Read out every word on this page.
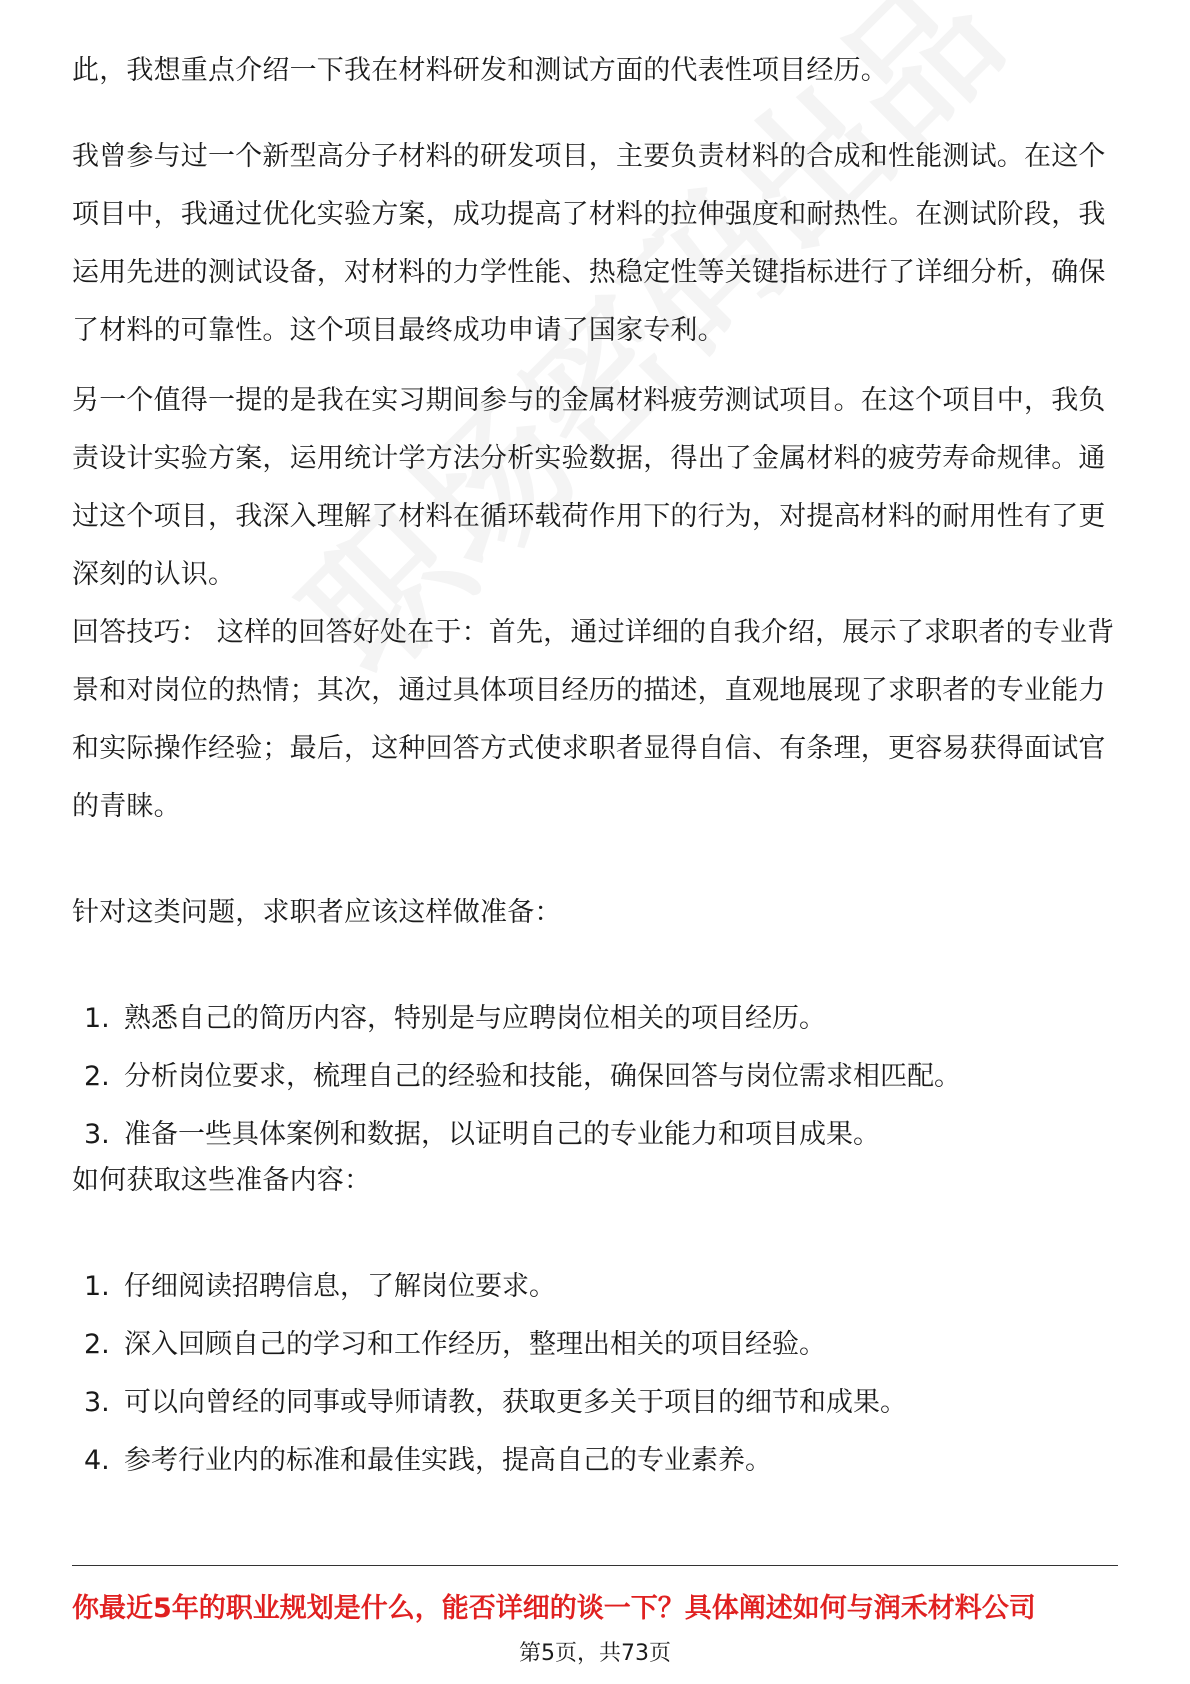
此，我想重点介绍一下我在材料研发和测试方面的代表性项目经历。

我曾参与过一个新型高分子材料的研发项目，主要负责材料的合成和性能测试。在这个项目中，我通过优化实验方案，成功提高了材料的拉伸强度和耐热性。在测试阶段，我运用先进的测试设备，对材料的力学性能、热稳定性等关键指标进行了详细分析，确保了材料的可靠性。这个项目最终成功申请了国家专利。

另一个值得一提的是我在实习期间参与的金属材料疲劳测试项目。在这个项目中，我负责设计实验方案，运用统计学方法分析实验数据，得出了金属材料的疲劳寿命规律。通过这个项目，我深入理解了材料在循环载荷作用下的行为，对提高材料的耐用性有了更深刻的认识。

回答技巧： 这样的回答好处在于：首先，通过详细的自我介绍，展示了求职者的专业背景和对岗位的热情；其次，通过具体项目经历的描述，直观地展现了求职者的专业能力和实际操作经验；最后，这种回答方式使求职者显得自信、有条理，更容易获得面试官的青睐。

针对这类问题，求职者应该这样做准备：

1. 熟悉自己的简历内容，特别是与应聘岗位相关的项目经历。
2. 分析岗位要求，梳理自己的经验和技能，确保回答与岗位需求相匹配。
3. 准备一些具体案例和数据，以证明自己的专业能力和项目成果。

如何获取这些准备内容：

1. 仔细阅读招聘信息，了解岗位要求。
2. 深入回顾自己的学习和工作经历，整理出相关的项目经验。
3. 可以向曾经的同事或导师请教，获取更多关于项目的细节和成果。
4. 参考行业内的标准和最佳实践，提高自己的专业素养。
你最近5年的职业规划是什么，能否详细的谈一下？具体阐述如何与润禾材料公司
第5页，共73页
